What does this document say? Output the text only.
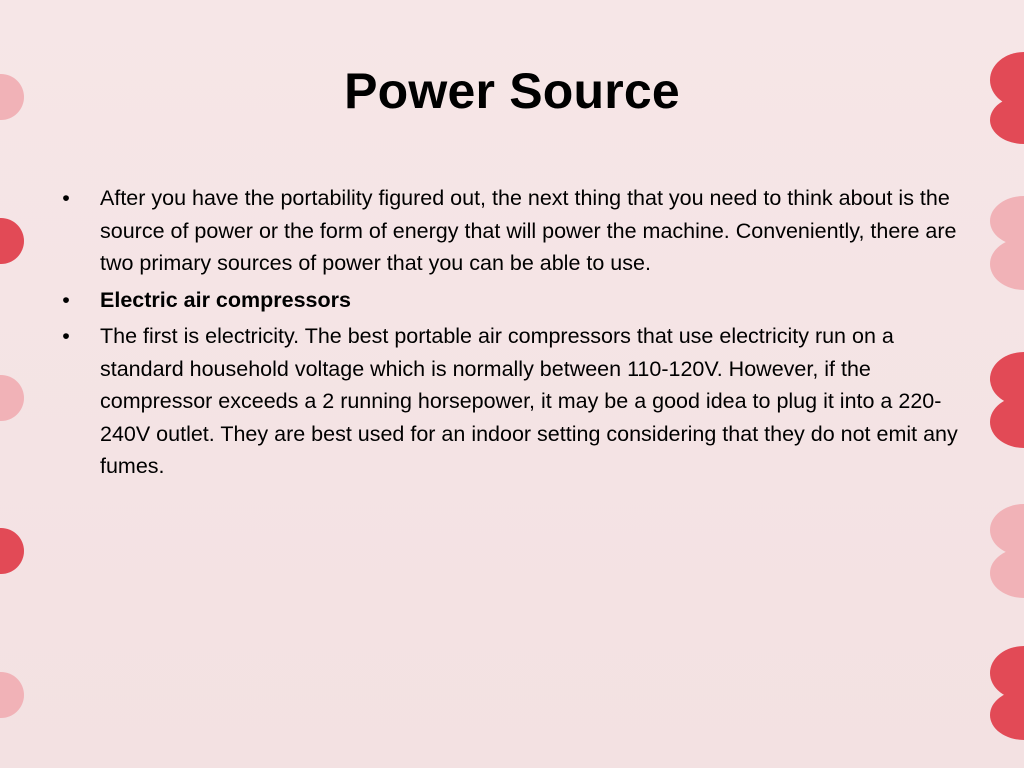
Power Source
• After you have the portability figured out, the next thing that you need to think about is the source of power or the form of energy that will power the machine. Conveniently, there are two primary sources of power that you can be able to use.
• Electric air compressors
• The first is electricity. The best portable air compressors that use electricity run on a standard household voltage which is normally between 110-120V. However, if the compressor exceeds a 2 running horsepower, it may be a good idea to plug it into a 220-240V outlet. They are best used for an indoor setting considering that they do not emit any fumes.
